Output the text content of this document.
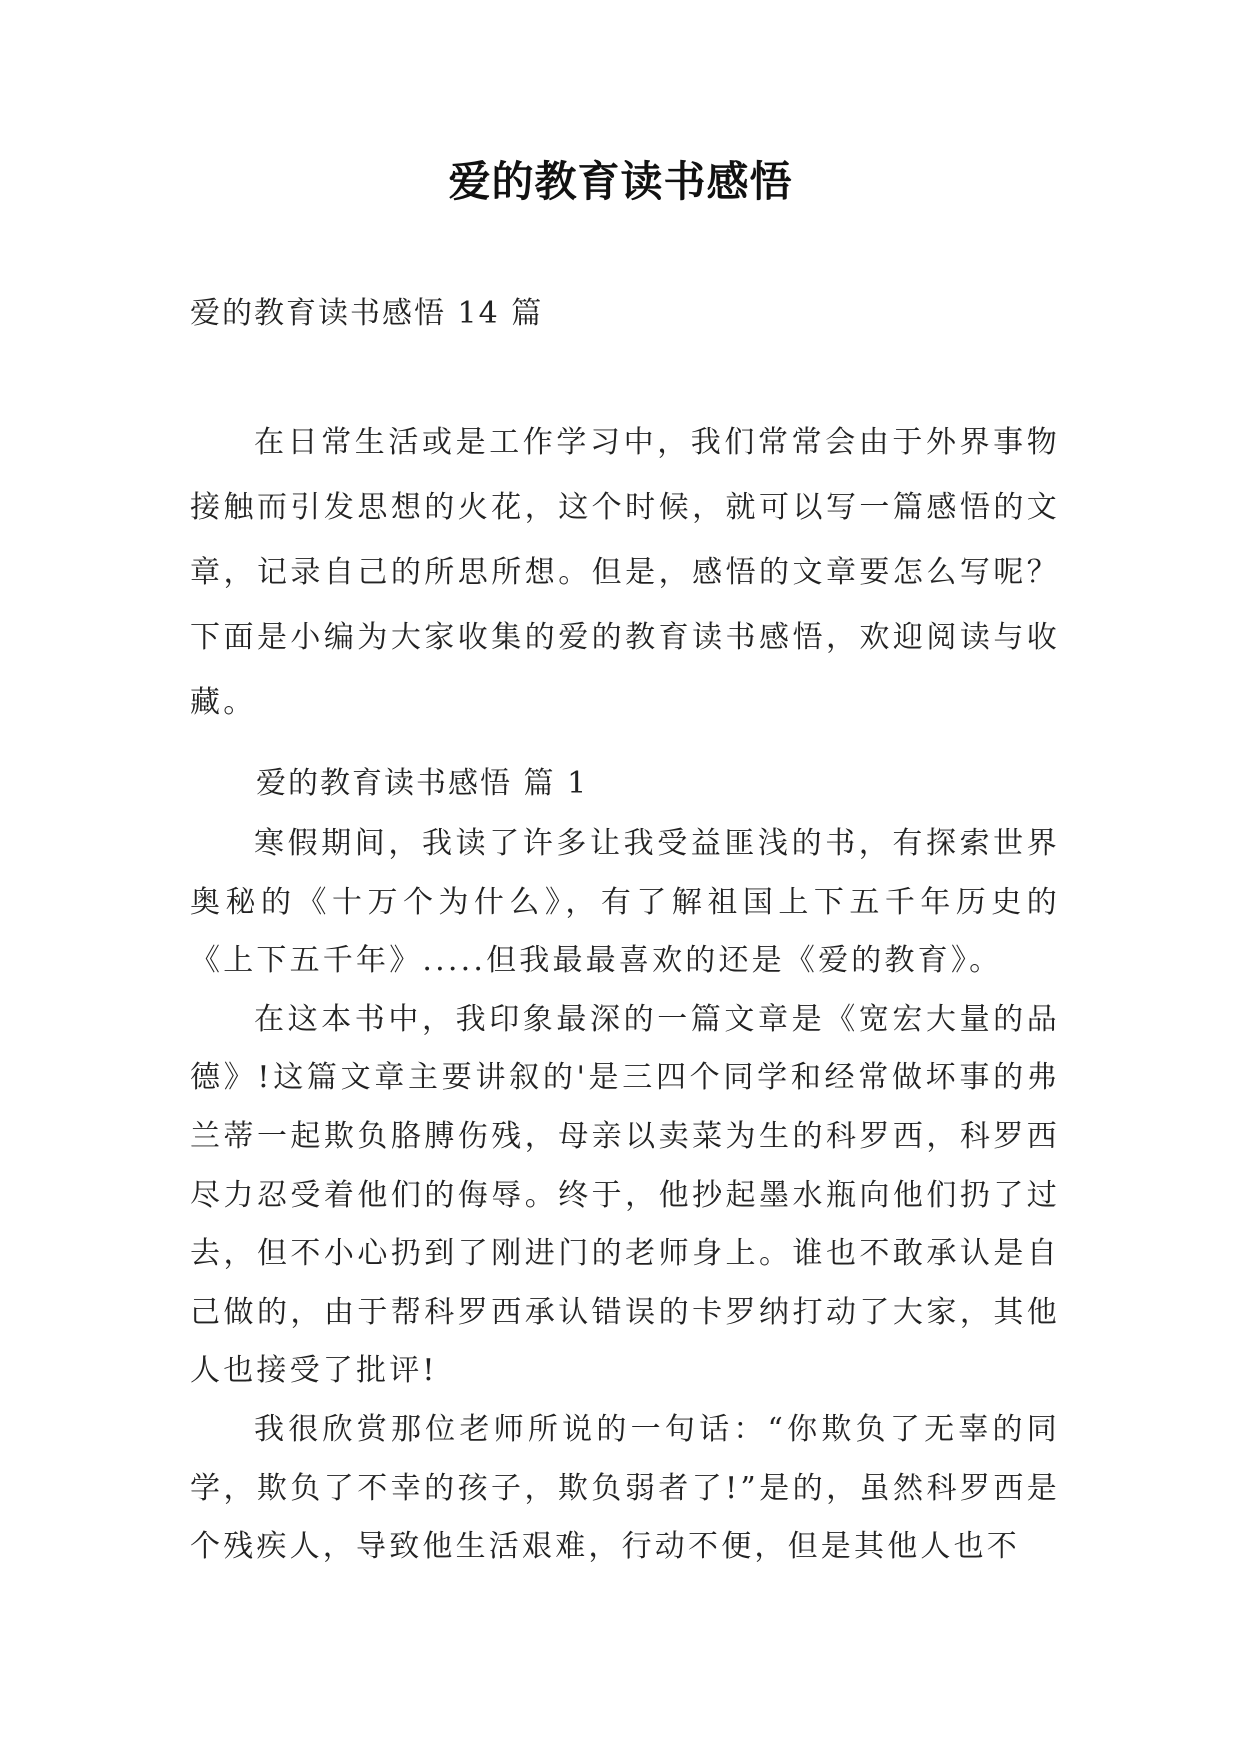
爱的教育读书感悟

爱的教育读书感悟 14 篇

在日常生活或是工作学习中，我们常常会由于外界事物接触而引发思想的火花，这个时候，就可以写一篇感悟的文章，记录自己的所思所想。但是，感悟的文章要怎么写呢？下面是小编为大家收集的爱的教育读书感悟，欢迎阅读与收藏。

爱的教育读书感悟 篇 1

寒假期间，我读了许多让我受益匪浅的书，有探索世界奥秘的《十万个为什么》，有了解祖国上下五千年历史的《上下五千年》.....但我最最喜欢的还是《爱的教育》。

在这本书中，我印象最深的一篇文章是《宽宏大量的品德》!这篇文章主要讲叙的'是三四个同学和经常做坏事的弗兰蒂一起欺负胳膊伤残，母亲以卖菜为生的科罗西，科罗西尽力忍受着他们的侮辱。终于，他抄起墨水瓶向他们扔了过去，但不小心扔到了刚进门的老师身上。谁也不敢承认是自己做的，由于帮科罗西承认错误的卡罗纳打动了大家，其他人也接受了批评!

我很欣赏那位老师所说的一句话：“你欺负了无辜的同学，欺负了不幸的孩子，欺负弱者了!”是的，虽然科罗西是个残疾人，导致他生活艰难，行动不便，但是其他人也不
